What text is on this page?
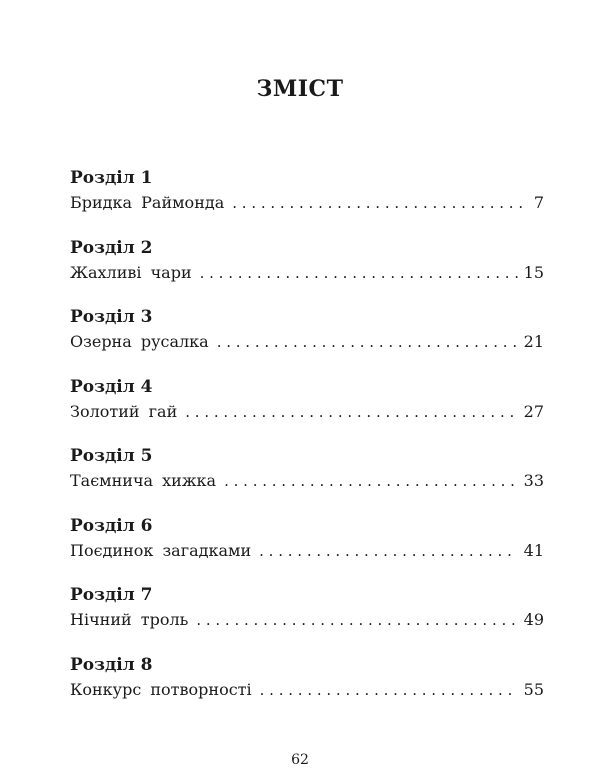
ЗМІСТ
Розділ 1
Бридка Раймонда . . .	7
Розділ 2
Жахливі чари . . .	15
Розділ 3
Озерна русалка . . .	21
Розділ 4
Золотий гай . . .	27
Розділ 5
Таємнича хижка . . .	33
Розділ 6
Поєдинок загадками . . .	41
Розділ 7
Нічний троль . . .	49
Розділ 8
Конкурс потворності . . .	55
62
